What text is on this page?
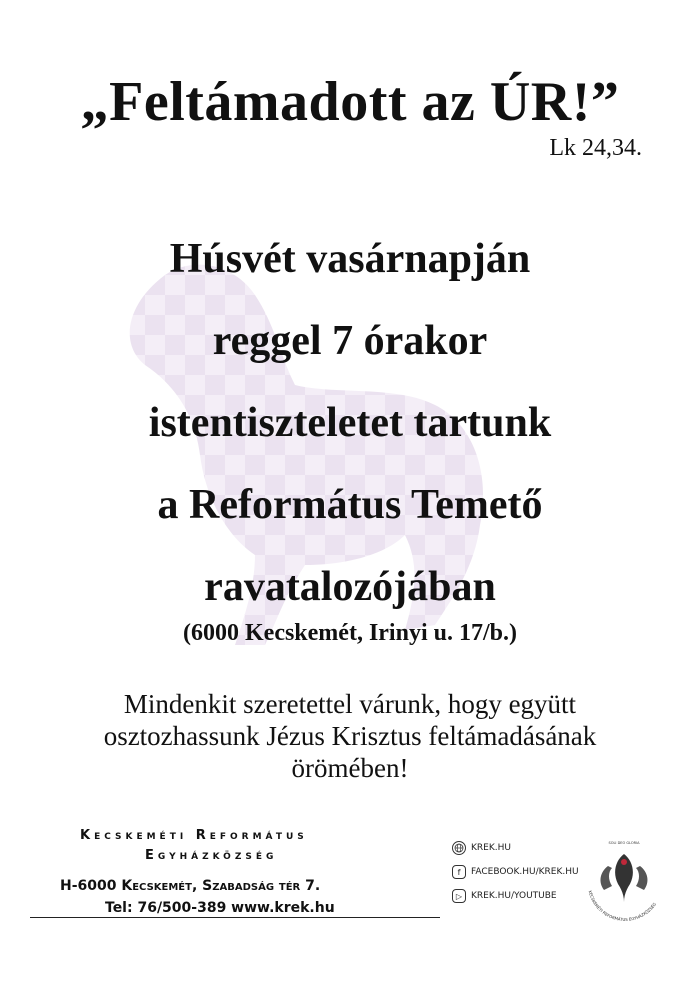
„Feltámadott az ÚR!”
Lk 24,34.
Húsvét vasárnapján
reggel 7 órakor
istentiszteletet tartunk
a Református Temető
ravatalozójában
(6000 Kecskemét, Irinyi u. 17/b.)
Mindenkit szeretettel várunk, hogy együtt
osztozhassunk Jézus Krisztus feltámadásának
örömében!
Kecskeméti Református
Egyházközség
H-6000 Kecskemét, Szabadság tér 7.
Tel: 76/500-389 www.krek.hu
KREK.HU
f	FACEBOOK.HU/KREK.HU
▷ KREK.HU/YOUTUBE	KECSKEMÉTI REFORMÁTUS EGYHÁZKÖZSÉG
SOLI DEO GLORIA
